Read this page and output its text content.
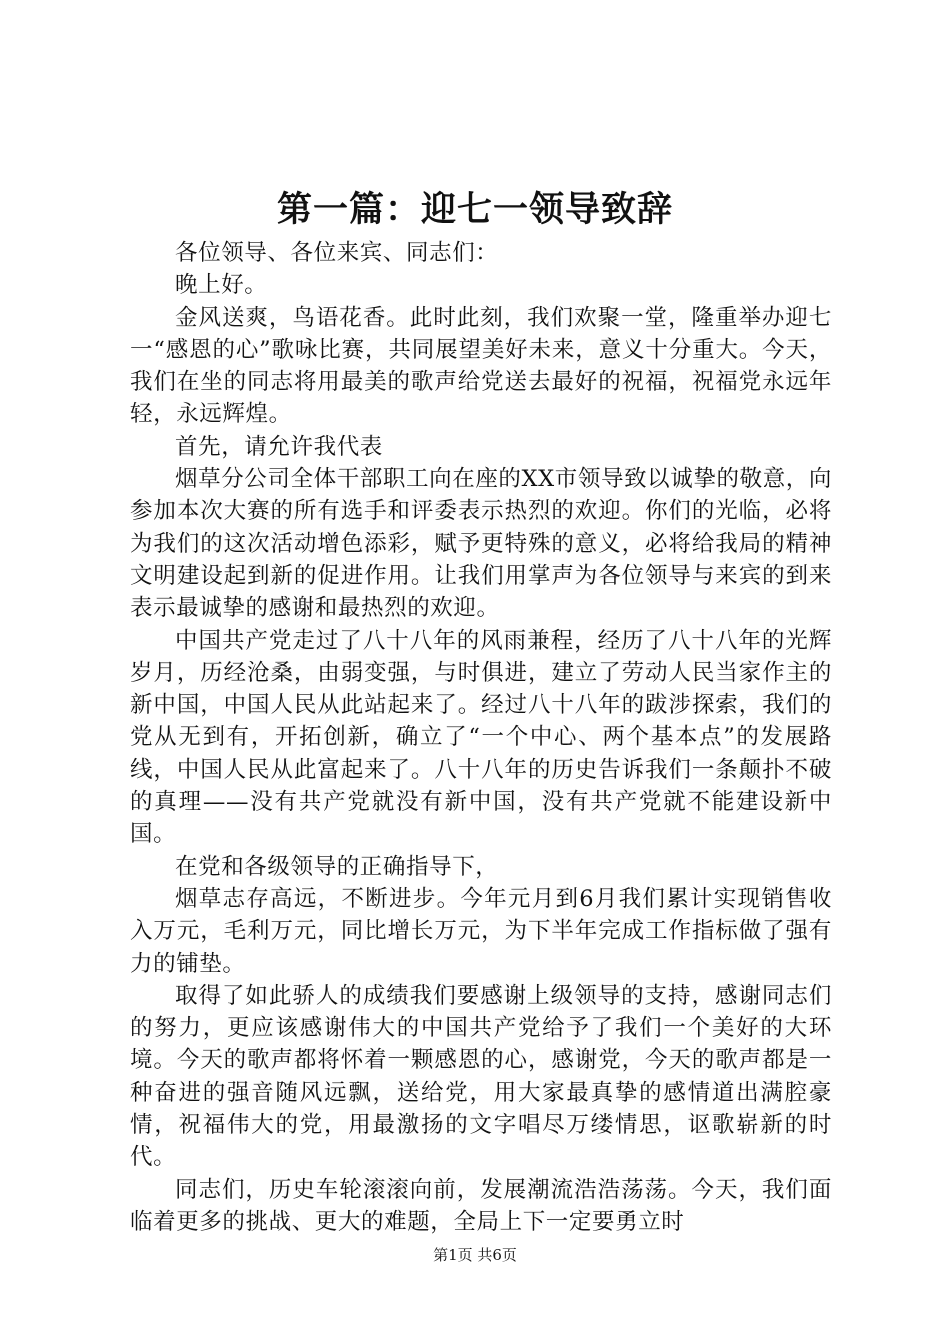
第一篇：迎七一领导致辞

各位领导、各位来宾、同志们：

晚上好。

金风送爽，鸟语花香。此时此刻，我们欢聚一堂，隆重举办迎七一“感恩的心”歌咏比赛，共同展望美好未来，意义十分重大。今天，我们在坐的同志将用最美的歌声给党送去最好的祝福，祝福党永远年轻，永远辉煌。

首先，请允许我代表

烟草分公司全体干部职工向在座的XX市领导致以诚挚的敬意，向参加本次大赛的所有选手和评委表示热烈的欢迎。你们的光临，必将为我们的这次活动增色添彩，赋予更特殊的意义，必将给我局的精神文明建设起到新的促进作用。让我们用掌声为各位领导与来宾的到来表示最诚挚的感谢和最热烈的欢迎。

中国共产党走过了八十八年的风雨兼程，经历了八十八年的光辉岁月，历经沧桑，由弱变强，与时俱进，建立了劳动人民当家作主的新中国，中国人民从此站起来了。经过八十八年的跋涉探索，我们的党从无到有，开拓创新，确立了“一个中心、两个基本点”的发展路线，中国人民从此富起来了。八十八年的历史告诉我们一条颠扑不破的真理——没有共产党就没有新中国，没有共产党就不能建设新中国。

在党和各级领导的正确指导下，

烟草志存高远，不断进步。今年元月到6月我们累计实现销售收入万元，毛利万元，同比增长万元，为下半年完成工作指标做了强有力的铺垫。

取得了如此骄人的成绩我们要感谢上级领导的支持，感谢同志们的努力，更应该感谢伟大的中国共产党给予了我们一个美好的大环境。今天的歌声都将怀着一颗感恩的心，感谢党，今天的歌声都是一种奋进的强音随风远飘，送给党，用大家最真挚的感情道出满腔豪情，祝福伟大的党，用最激扬的文字唱尽万缕情思，讴歌崭新的时代。

同志们，历史车轮滚滚向前，发展潮流浩浩荡荡。今天，我们面临着更多的挑战、更大的难题，全局上下一定要勇立时

第1页 共6页
